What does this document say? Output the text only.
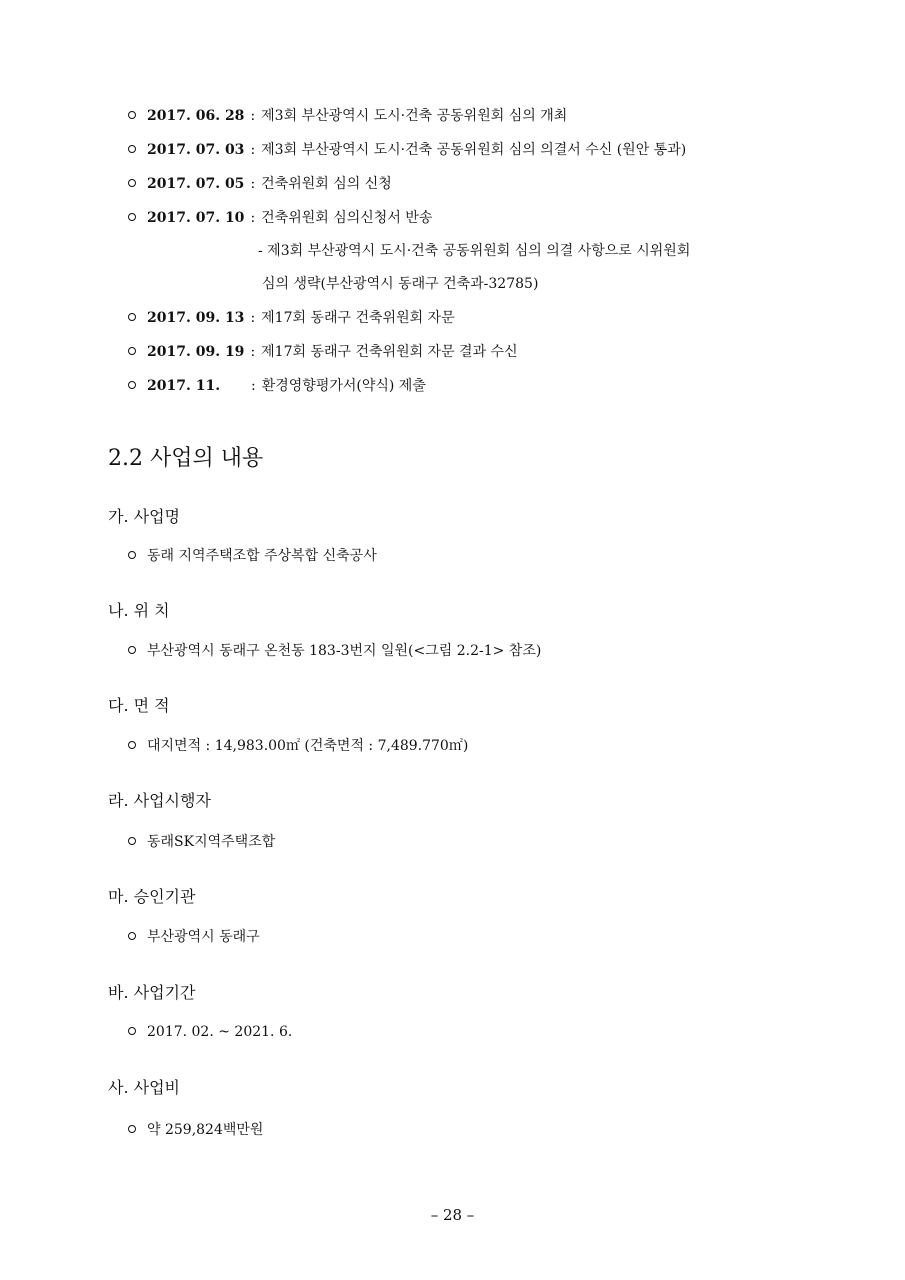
2017. 06. 28 : 제3회 부산광역시 도시·건축 공동위원회 심의 개최
2017. 07. 03 : 제3회 부산광역시 도시·건축 공동위원회 심의 의결서 수신 (원안 통과)
2017. 07. 05 : 건축위원회 심의 신청
2017. 07. 10 : 건축위원회 심의신청서 반송
- 제3회 부산광역시 도시·건축 공동위원회 심의 의결 사항으로 시위원회
심의 생략(부산광역시 동래구 건축과-32785)
2017. 09. 13 : 제17회 동래구 건축위원회 자문
2017. 09. 19 : 제17회 동래구 건축위원회 자문 결과 수신
2017. 11. : 환경영향평가서(약식) 제출
2.2 사업의 내용
가. 사업명
동래 지역주택조합 주상복합 신축공사
나. 위 치
부산광역시 동래구 온천동 183-3번지 일원(<그림 2.2-1> 참조)
다. 면 적
대지면적 : 14,983.00㎡ (건축면적 : 7,489.770㎡)
라. 사업시행자
동래SK지역주택조합
마. 승인기관
부산광역시 동래구
바. 사업기간
2017. 02. ~ 2021. 6.
사. 사업비
약 259,824백만원
– 28 –
